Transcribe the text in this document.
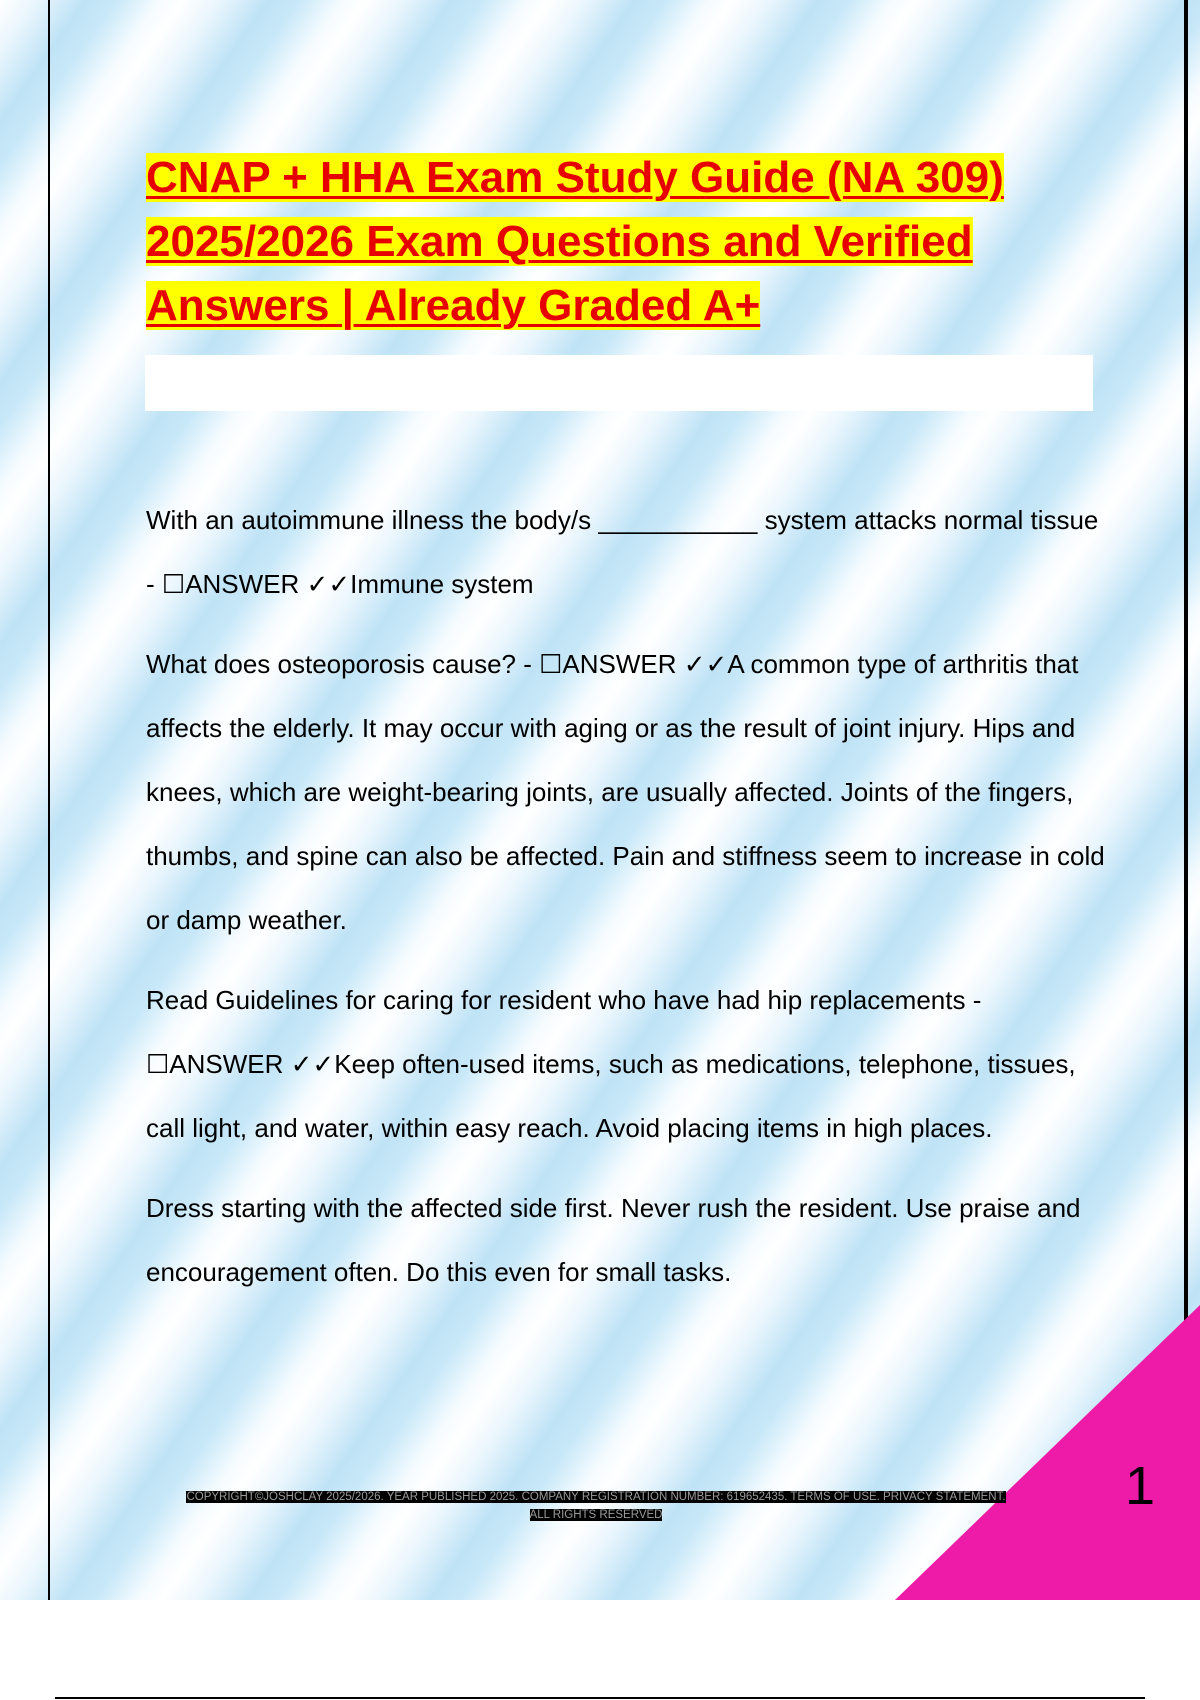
CNAP + HHA Exam Study Guide (NA 309) 2025/2026 Exam Questions and Verified Answers | Already Graded A+

With an autoimmune illness the body/s ___________ system attacks normal tissue - ☐ANSWER ✓✓Immune system

What does osteoporosis cause? - ☐ANSWER ✓✓A common type of arthritis that affects the elderly. It may occur with aging or as the result of joint injury. Hips and knees, which are weight-bearing joints, are usually affected. Joints of the fingers, thumbs, and spine can also be affected. Pain and stiffness seem to increase in cold or damp weather.

Read Guidelines for caring for resident who have had hip replacements - ☐ANSWER ✓✓Keep often-used items, such as medications, telephone, tissues, call light, and water, within easy reach. Avoid placing items in high places.

Dress starting with the affected side first. Never rush the resident. Use praise and encouragement often. Do this even for small tasks.

1
COPYRIGHT©JOSHCLAY 2025/2026. YEAR PUBLISHED 2025. COMPANY REGISTRATION NUMBER: 619652435. TERMS OF USE. PRIVACY STATEMENT. ALL RIGHTS RESERVED
